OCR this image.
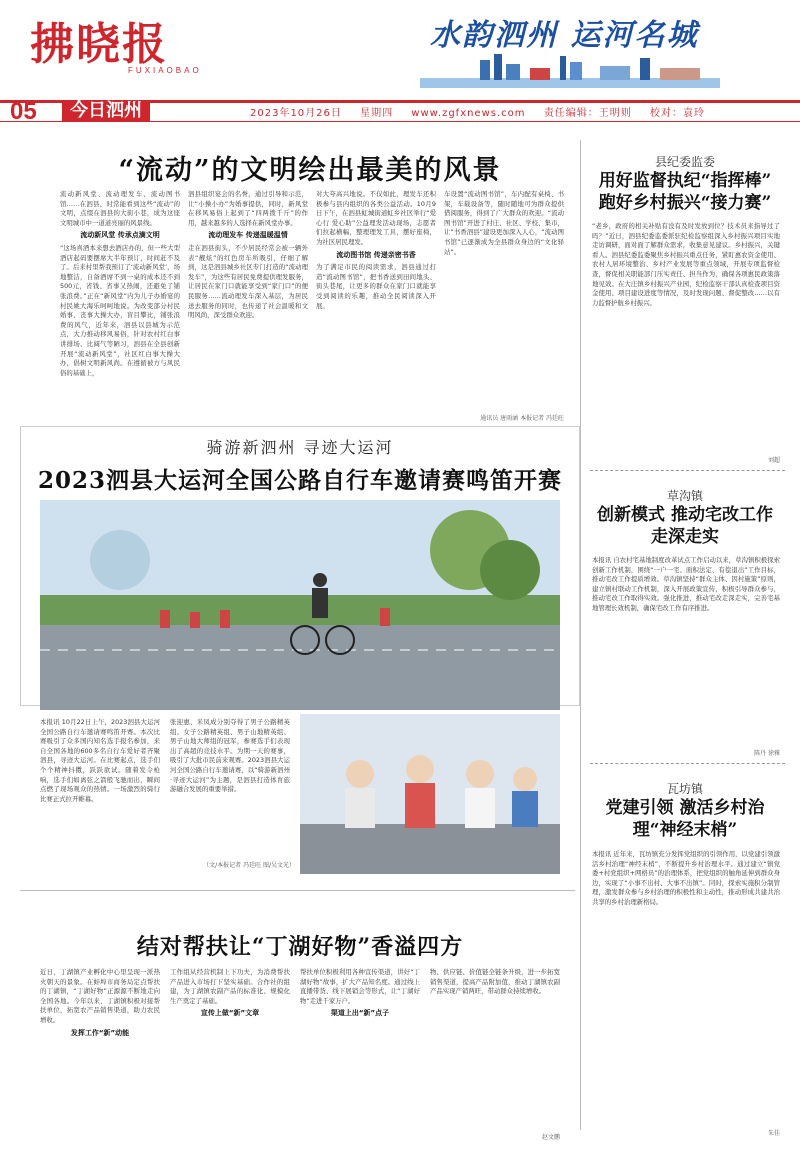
拂晓报
FUXIAOBAO
水韵泗州 运河名城
05	今日泗州	2023年10月26日 星期四 www.zgfxnews.com 责任编辑：王明则 校对：袁玲
“流动”的文明绘出最美的风景

流动新风堂、流动理发车、流动图书馆……在泗县，时常能看到这些“流动”的文明，点缀在泗县的大街小巷，成为这座文明城市中一道道亮丽的风景线。

流动新风堂 传承点滴文明

“这场喜酒本来想去酒店办的，但一些大型酒店起码要摆席大半年预订，时间赶不及了。后来村里帮我预订了‘流动新风堂’，场地整洁，自备酒席不到一桌的成本还不到500元，省钱、省事又热闹，还避免了铺张浪费。”正在“新风堂”内为儿子办婚宴的村民姚大海乐呵呵地说。为改变部分村民婚事、丧事大操大办，盲目攀比，铺张浪费的风气，近年来，泗县以县城为示范点，大力推动移风易俗，针对农村红白事讲排场、比阔气等陋习，泗县在全县创新开展“流动新风堂”，社区红白事大操大办，倡树文明新风尚。在遵循被方与风民俗的基础上，

泗县组织宴会的名誉，通过引导和示范，让“小操小办”为婚事提供，同时，新风堂在移风易俗上起到了“四两拨千斤”的作用，越来越多的人选择在新风堂办事。

流动理发车 传递温暖温情

走在泗县街头，不少居民经常会被一辆外表“靓炫”的红色房车所吸引，仔细了解到，这是泗县城乡社区专门打造的“流动理发车”，为这些有居民免费提供理发服务，让居民在家门口就能享受到“家门口”的便民服务……流动理发车深入基层，为居民送去服务的同时，也传递了社会温暖和文明风尚，深受群众欢迎。

对大夸高兴地说。不仅如此，理发车还积极参与县内组织的各类公益活动。10月9日下午，在泗县虹城街道虹乡社区举行“爱心行 爱心助”公益理发活动现场，志愿者们拉起横幅，整理理发工具，摆好座椅，为社区居民理发。

流动图书馆 传递亲密书香

为了满足市民的阅读需求，泗县通过打造“流动图书馆”，把书香送到田间地头、街头巷尾，让更多的群众在家门口就能享受到阅读的乐趣，推动全民阅读深入开展。

车设置“流动图书馆”，车内配有桌椅、书架，车载设备等，随时随地可为群众提供借阅服务，得到了广大群众的欢迎。“流动图书馆”开进了村庄、社区、学校、集市，让“书香泗县”建设更加深入人心，“流动图书馆”已逐渐成为全县群众身边的“文化驿站”。

通讯员 唐雨涵 本报记者 冯廷旺
县纪委监委
用好监督执纪“指挥棒” 跑好乡村振兴“接力赛”
“老乡，政府的相关补贴有没有及时发放到位？技术员来指导过了吗？”近日，泗县纪委监委派驻纪检监察组深入乡村振兴项目实地走访调研，面对面了解群众需求，收集意见建议。乡村振兴，关键看人。泗县纪委监委聚焦乡村振兴重点任务，紧盯惠农资金使用、农村人居环境整治、乡村产业发展等重点领域，开展专项监督检查，督促相关职能部门压实责任、担当作为，确保各项惠民政策落地见效。在大庄镇乡村振兴产业园，纪检监察干部认真检查项目资金使用、项目建设进度等情况，及时发现问题、督促整改……以有力监督护航乡村振兴。
刘超
草沟镇
创新模式 推动宅改工作走深走实
本报讯 自农村宅基地制度改革试点工作启动以来，草沟镇积极探索创新工作机制，围绕“一户一宅、面积法定、有偿退出”工作目标，推动宅改工作提质增效。草沟镇坚持“群众主体、因村施策”原则，建立镇村联动工作机制，深入开展政策宣传，积极引导群众参与，推动宅改工作取得实效。强化推进，推动宅改走深走实，完善宅基地管理长效机制，确保宅改工作有序推进。
陈丹 徐雅
瓦坊镇
党建引领 激活乡村治理“神经末梢”
本报讯 近年来，瓦坊镇充分发挥党组织的引领作用，以党建引领激活乡村治理“神经末梢”，不断提升乡村治理水平。通过建立“镇党委+村党组织+网格员”的治理体系，把党组织的触角延伸到群众身边，实现了“小事不出村、大事不出镇”。同时，探索实施积分制管理，激发群众参与乡村治理的积极性和主动性，推动形成共建共治共享的乡村治理新格局。
朱佳
骑游新泗州 寻迹大运河
2023泗县大运河全国公路自行车邀请赛鸣笛开赛
本报讯 10月22日上午，2023泗县大运河全国公路自行车邀请赛鸣笛开赛。本次比赛吸引了众多国内知名选手报名参加，来自全国各地的600多名自行车爱好者齐聚泗县，寻迹大运河。在比赛起点，选手们个个精神抖擞，跃跃欲试。随着发令枪响，选手们如离弦之箭般飞驰而出，瞬间点燃了现场观众的热情。一场激烈的骑行比赛正式拉开帷幕。
张迎惠、米凤成分别夺得了男子公路精英组、女子公路精英组、男子山地精英组、男子山地大师组的冠军，参赛选手们表现出了高超的竞技水平。为期一天的赛事，吸引了大批市民前来观赛。2023泗县大运河全国公路自行车邀请赛，以“骑游新泗州·寻迹大运河”为主题，是泗县打造体育旅游融合发展的重要举措。
（文/本报记者 冯廷旺 图/吴文光）
结对帮扶让“丁湖好物”香溢四方

近日，丁湖镇产业孵化中心里呈现一派热火朝天的景象。在蚌埠市商务局定点帮扶的丁湖镇，“丁湖好物”正源源不断地走向全国各地。今年以来，丁湖镇积极对接帮扶单位，拓宽农产品销售渠道，助力农民增收。

发挥工作“新”动能

工作组从经营机制上下功夫，为消费帮扶产品进入市场打下坚实基础。合作社的组建，为丁湖镇农副产品的标准化、规模化生产奠定了基础。

宣传上做“新”文章

帮扶单位积极利用各种宣传渠道，讲好“丁湖好物”故事，扩大产品知名度。通过线上直播带货、线下展销会等形式，让“丁湖好物”走进千家万户。

渠道上出“新”点子
物、供应链、价值链全链条升级，进一步拓宽销售渠道，提高产品附加值，推动丁湖镇农副产品实现产销两旺，带动群众持续增收。
赵文鹏
